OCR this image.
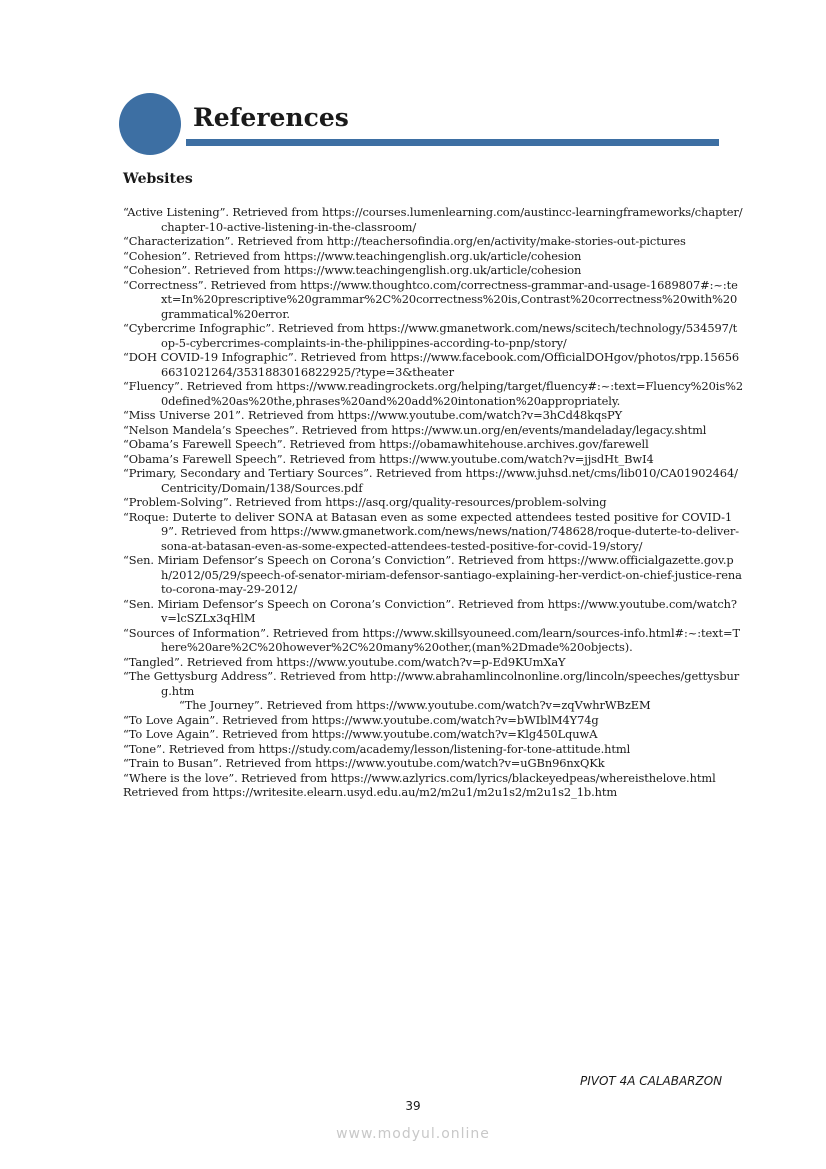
References
Websites
“Active Listening”. Retrieved from https://courses.lumenlearning.com/austincc-learningframeworks/chapter/chapter-10-active-listening-in-the-classroom/
“Characterization”. Retrieved from http://teachersofindia.org/en/activity/make-stories-out-pictures
“Cohesion”. Retrieved from https://www.teachingenglish.org.uk/article/cohesion
“Cohesion”. Retrieved from https://www.teachingenglish.org.uk/article/cohesion
“Correctness”. Retrieved from https://www.thoughtco.com/correctness-grammar-and-usage-1689807#:~:text=In%20prescriptive%20grammar%2C%20correctness%20is,Contrast%20correctness%20with%20grammatical%20error.
“Cybercrime Infographic”. Retrieved from https://www.gmanetwork.com/news/scitech/technology/534597/top-5-cybercrimes-complaints-in-the-philippines-according-to-pnp/story/
“DOH COVID-19 Infographic”. Retrieved from https://www.facebook.com/OfficialDOHgov/photos/rpp.156566631021264/3531883016822925/?type=3&theater
“Fluency”. Retrieved from https://www.readingrockets.org/helping/target/fluency#:~:text=Fluency%20is%20defined%20as%20the,phrases%20and%20add%20intonation%20appropriately.
“Miss Universe 201”. Retrieved from https://www.youtube.com/watch?v=3hCd48kqsPY
“Nelson Mandela’s Speeches”. Retrieved from https://www.un.org/en/events/mandeladay/legacy.shtml
“Obama’s Farewell Speech”. Retrieved from https://obamawhitehouse.archives.gov/farewell
“Obama’s Farewell Speech”. Retrieved from https://www.youtube.com/watch?v=jjsdHt_BwI4
“Primary, Secondary and Tertiary Sources”. Retrieved from https://www.juhsd.net/cms/lib010/CA01902464/Centricity/Domain/138/Sources.pdf
“Problem-Solving”. Retrieved from https://asq.org/quality-resources/problem-solving
“Roque: Duterte to deliver SONA at Batasan even as some expected attendees tested positive for COVID-19”. Retrieved from https://www.gmanetwork.com/news/news/nation/748628/roque-duterte-to-deliver-sona-at-batasan-even-as-some-expected-attendees-tested-positive-for-covid-19/story/
“Sen. Miriam Defensor’s Speech on Corona’s Conviction”. Retrieved from https://www.officialgazette.gov.ph/2012/05/29/speech-of-senator-miriam-defensor-santiago-explaining-her-verdict-on-chief-justice-renato-corona-may-29-2012/
“Sen. Miriam Defensor’s Speech on Corona’s Conviction”. Retrieved from https://www.youtube.com/watch?v=lcSZLx3qHlM
“Sources of Information”. Retrieved from https://www.skillsyouneed.com/learn/sources-info.html#:~:text=There%20are%2C%20however%2C%20many%20other,(man%2Dmade%20objects).
“Tangled”. Retrieved from https://www.youtube.com/watch?v=p-Ed9KUmXaY
“The Gettysburg Address”. Retrieved from http://www.abrahamlincolnonline.org/lincoln/speeches/gettysburg.htm
“The Journey”. Retrieved from https://www.youtube.com/watch?v=zqVwhrWBzEM
“To Love Again”. Retrieved from https://www.youtube.com/watch?v=bWIblM4Y74g
“To Love Again”. Retrieved from https://www.youtube.com/watch?v=Klg450LquwA
“Tone”. Retrieved from https://study.com/academy/lesson/listening-for-tone-attitude.html
“Train to Busan”. Retrieved from https://www.youtube.com/watch?v=uGBn96nxQKk
“Where is the love”. Retrieved from https://www.azlyrics.com/lyrics/blackeyedpeas/whereisthelove.html
Retrieved from https://writesite.elearn.usyd.edu.au/m2/m2u1/m2u1s2/m2u1s2_1b.htm
PIVOT 4A CALABARZON
39
www.modyul.online
